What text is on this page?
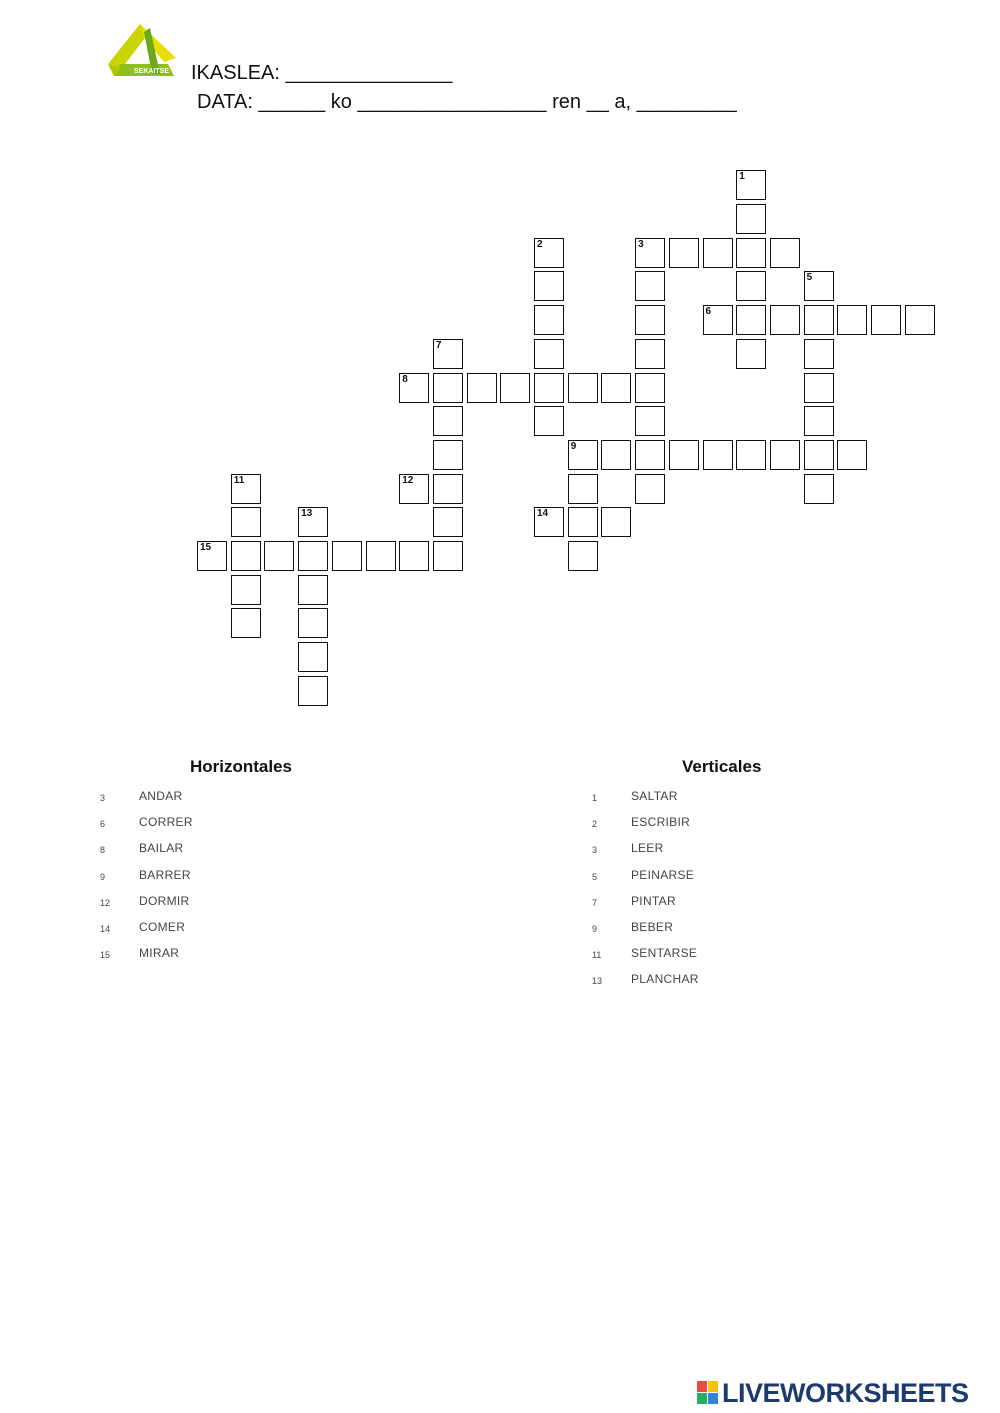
SEKAITSE IKASLEA: _______________
DATA: ______ ko _________________ ren __ a, _________
3
6
8
9
12
14
15
1
2
5
7
11
13
Horizontales	Verticales
3	ANDAR
6	CORRER
8	BAILAR
9	BARRER
12 DORMIR
14 COMER
15 MIRAR
1	SALTAR
2	ESCRIBIR
3	LEER
5	PEINARSE
7	PINTAR
9	BEBER
11 SENTARSE
13 PLANCHAR
LIVEWORKSHEETS
